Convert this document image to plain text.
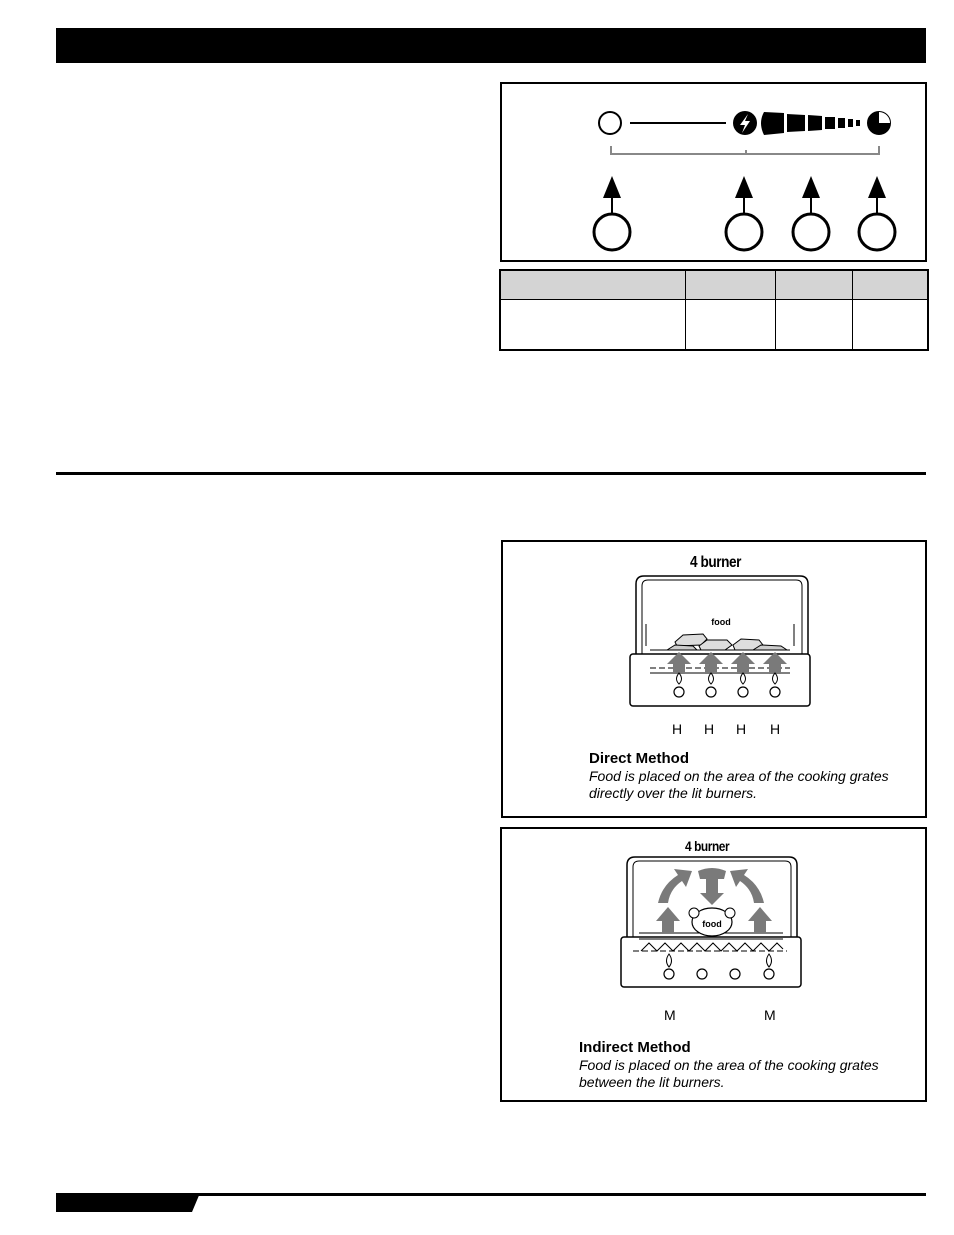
4 burner
food
H H H H
Direct Method
Food is placed on the area of the cooking grates directly over the lit burners.
4 burner
food
M	M
Indirect Method
Food is placed on the area of the cooking grates between the lit burners.
